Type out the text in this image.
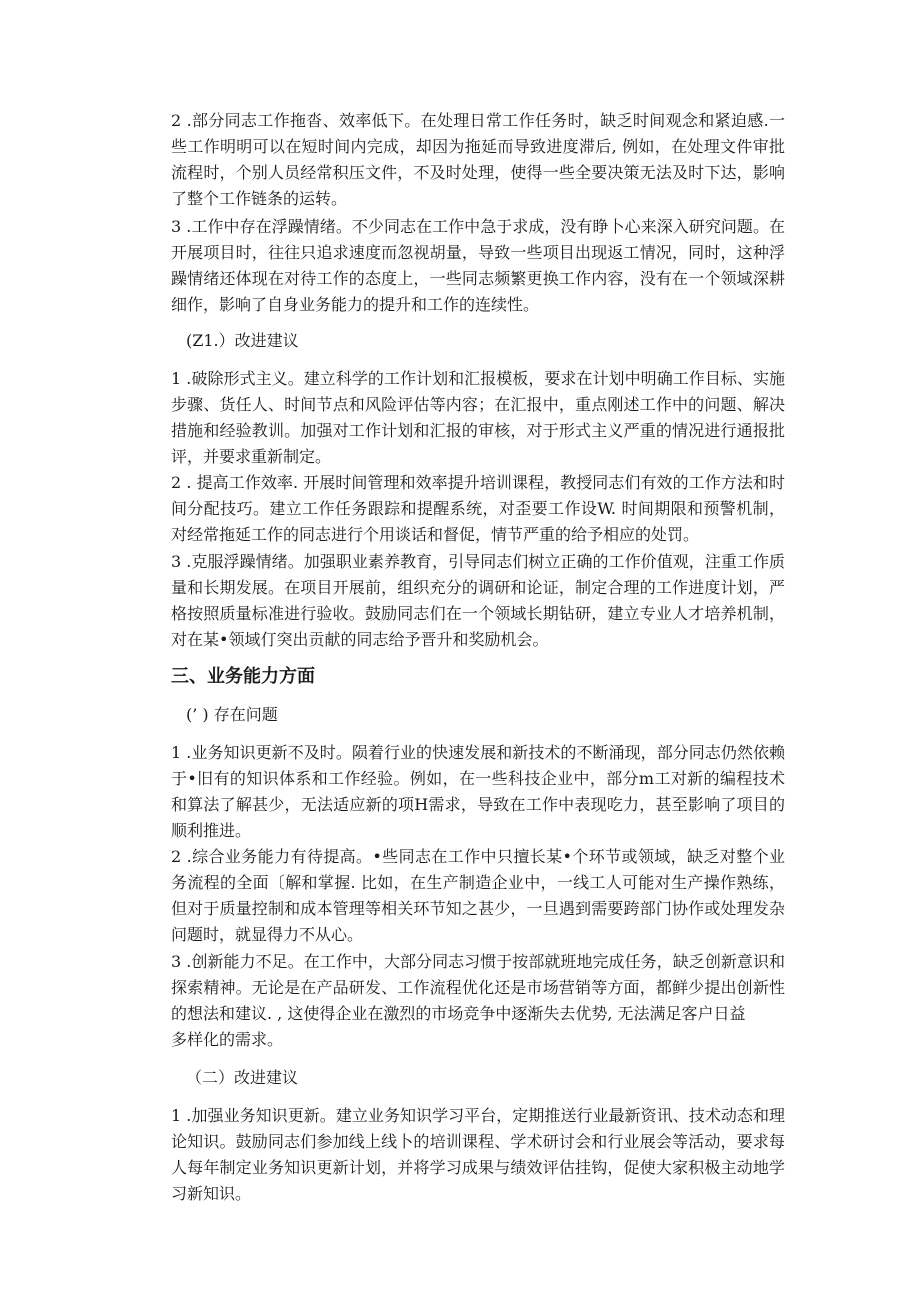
2 .部分同志工作拖沓、效率低下。在处理日常工作任务时，缺乏时间观念和紧迫感.一些工作明明可以在短时间内完成，却因为拖延而导致进度滞后, 例如，在处理文件审批流程时，个别人员经常积压文件，不及时处理，使得一些全要决策无法及时下达，影响了整个工作链条的运转。

3 .工作中存在浮躁情绪。不少同志在工作中急于求成，没有睁卜心来深入研究问题。在开展项目时，往往只追求速度而忽视胡量，导致一些项目出现返工情况，同时，这种浮躁情绪还体现在对待工作的态度上，一些同志频繁更换工作内容，没有在一个领域深耕细作，影响了自身业务能力的提升和工作的连续性。

(Z1.）改进建议

1 .破除形式主义。建立科学的工作计划和汇报模板，要求在计划中明确工作目标、实施步骤、货任人、时间节点和风险评估等内容；在汇报中，重点刚述工作中的问题、解决措施和经验教训。加强对工作计划和汇报的审核，对于形式主义严重的情况进行通报批评，并要求重新制定。

2 . 提高工作效率. 开展时间管理和效率提升培训课程，教授同志们有效的工作方法和时间分配技巧。建立工作任务跟踪和提醒系统，对歪要工作设W. 时间期限和预警机制，对经常拖延工作的同志进行个用谈话和督促，情节严重的给予相应的处罚。

3 .克服浮躁情绪。加强职业素养教育，引导同志们树立正确的工作价值观，注重工作质量和长期发展。在项目开展前，组织充分的调研和论证，制定合理的工作进度计划，严格按照质量标准进行验收。鼓励同志们在一个领域长期钻研，建立专业人才培养机制，对在某•领域仃突出贡献的同志给予晋升和奖励机会。

三、业务能力方面

(’ ) 存在问题

1 .业务知识更新不及时。陨着行业的快速发展和新技术的不断涌现，部分同志仍然依赖于•旧有的知识体系和工作经验。例如，在一些科技企业中，部分m工对新的编程技术和算法了解甚少，无法适应新的项H需求，导致在工作中表现吃力，甚至影响了项目的顺利推进。

2 .综合业务能力有待提高。•些同志在工作中只擅长某•个环节或领域，缺乏对整个业务流程的全面〔解和掌握. 比如，在生产制造企业中，一线工人可能对生产操作熟练，但对于质量控制和成本管理等相关环节知之甚少，一旦遇到需要跨部门协作或处理发杂问题时，就显得力不从心。

3 .创新能力不足。在工作中，大部分同志习惯于按部就班地完成任务，缺乏创新意识和探索精神。无论是在产品研发、工作流程优化还是市场营销等方面，都鲜少提出创新性的想法和建议. , 这使得企业在激烈的市场竞争中逐渐失去优势, 无法满足客户日益

多样化的需求。

（二）改进建议

1 .加强业务知识更新。建立业务知识学习平台，定期推送行业最新资讯、技术动态和理论知识。鼓励同志们参加线上线卜的培训课程、学术研讨会和行业展会等活动，要求每人每年制定业务知识更新计划，并将学习成果与绩效评估挂钩，促使大家积极主动地学习新知识。
